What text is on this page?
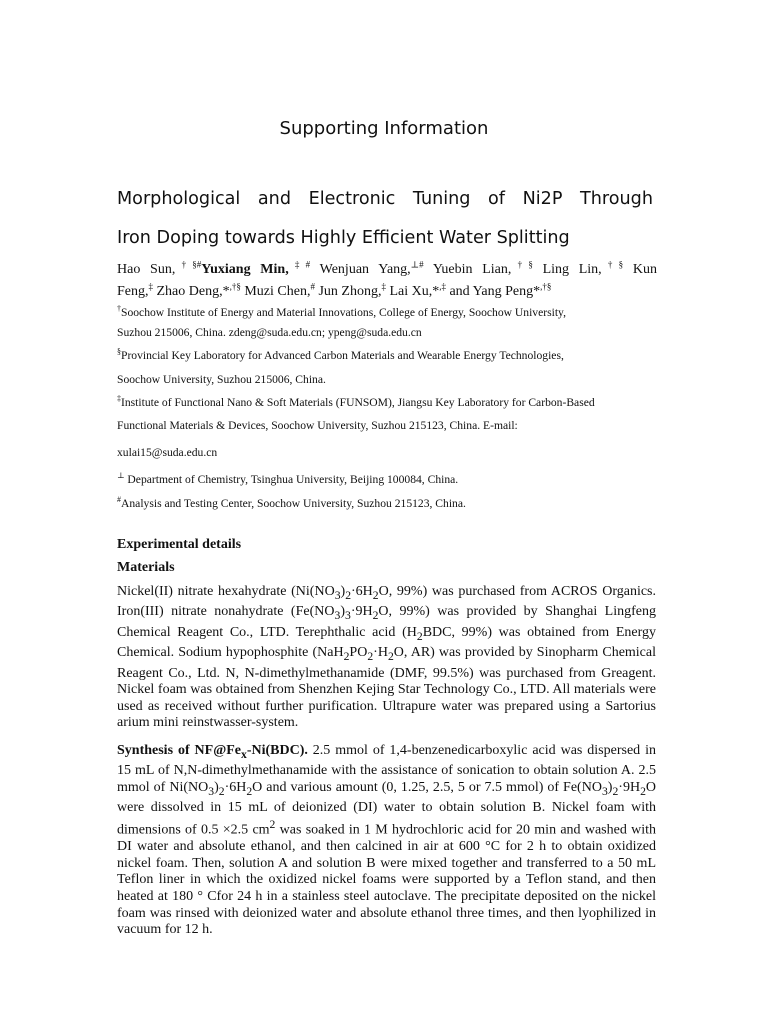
Supporting Information
Morphological and Electronic Tuning of Ni2P Through
Iron Doping towards Highly Efficient Water Splitting
Hao Sun,†§#Yuxiang Min,‡# Wenjuan Yang,⊥# Yuebin Lian,†§ Ling Lin,†§ Kun
Feng,‡ Zhao Deng,*,†§ Muzi Chen,# Jun Zhong,‡ Lai Xu,*,‡ and Yang Peng*,†§
†Soochow Institute of Energy and Material Innovations, College of Energy, Soochow University,
Suzhou 215006, China. zdeng@suda.edu.cn; ypeng@suda.edu.cn
§Provincial Key Laboratory for Advanced Carbon Materials and Wearable Energy Technologies,
Soochow University, Suzhou 215006, China.
‡Institute of Functional Nano & Soft Materials (FUNSOM), Jiangsu Key Laboratory for Carbon-Based
Functional Materials & Devices, Soochow University, Suzhou 215123, China. E-mail:
xulai15@suda.edu.cn
⊥ Department of Chemistry, Tsinghua University, Beijing 100084, China.
#Analysis and Testing Center, Soochow University, Suzhou 215123, China.
Experimental details
Materials
Nickel(II) nitrate hexahydrate ($Ni(NO_3)_2\cdot 6H_2O$, 99%) was purchased from ACROS Organics. Iron(III) nitrate nonahydrate ($Fe(NO_3)_3\cdot 9H_2O$, 99%) was provided by Shanghai Lingfeng Chemical Reagent Co., LTD. Terephthalic acid ($H_2BDC$, 99%) was obtained from Energy Chemical. Sodium hypophosphite ($NaH_2PO_2\cdot H_2O$, AR) was provided by Sinopharm Chemical Reagent Co., Ltd. N, N-dimethylmethanamide (DMF, 99.5%) was purchased from Greagent. Nickel foam was obtained from Shenzhen Kejing Star Technology Co., LTD. All materials were used as received without further purification. Ultrapure water was prepared using a Sartorius arium mini reinstwasser-system.
Synthesis of $NF@Fe_x-Ni(BDC)$. 2.5 mmol of 1,4-benzenedicarboxylic acid was dispersed in 15 mL of N,N-dimethylmethanamide with the assistance of sonication to obtain solution A. 2.5 mmol of $Ni(NO_3)_2\cdot 6H_2O$ and various amount (0, 1.25, 2.5, 5 or 7.5 mmol) of $Fe(NO_3)_2\cdot 9H_2O$ were dissolved in 15 mL of deionized (DI) water to obtain solution B. Nickel foam with dimensions of 0.5 ×2.5 $cm^2$ was soaked in 1 M hydrochloric acid for 20 min and washed with DI water and absolute ethanol, and then calcined in air at 600 °C for 2 h to obtain oxidized nickel foam. Then, solution A and solution B were mixed together and transferred to a 50 mL Teflon liner in which the oxidized nickel foams were supported by a Teflon stand, and then heated at 180 ° Cfor 24 h in a stainless steel autoclave. The precipitate deposited on the nickel foam was rinsed with deionized water and absolute ethanol three times, and then lyophilized in vacuum for 12 h.
